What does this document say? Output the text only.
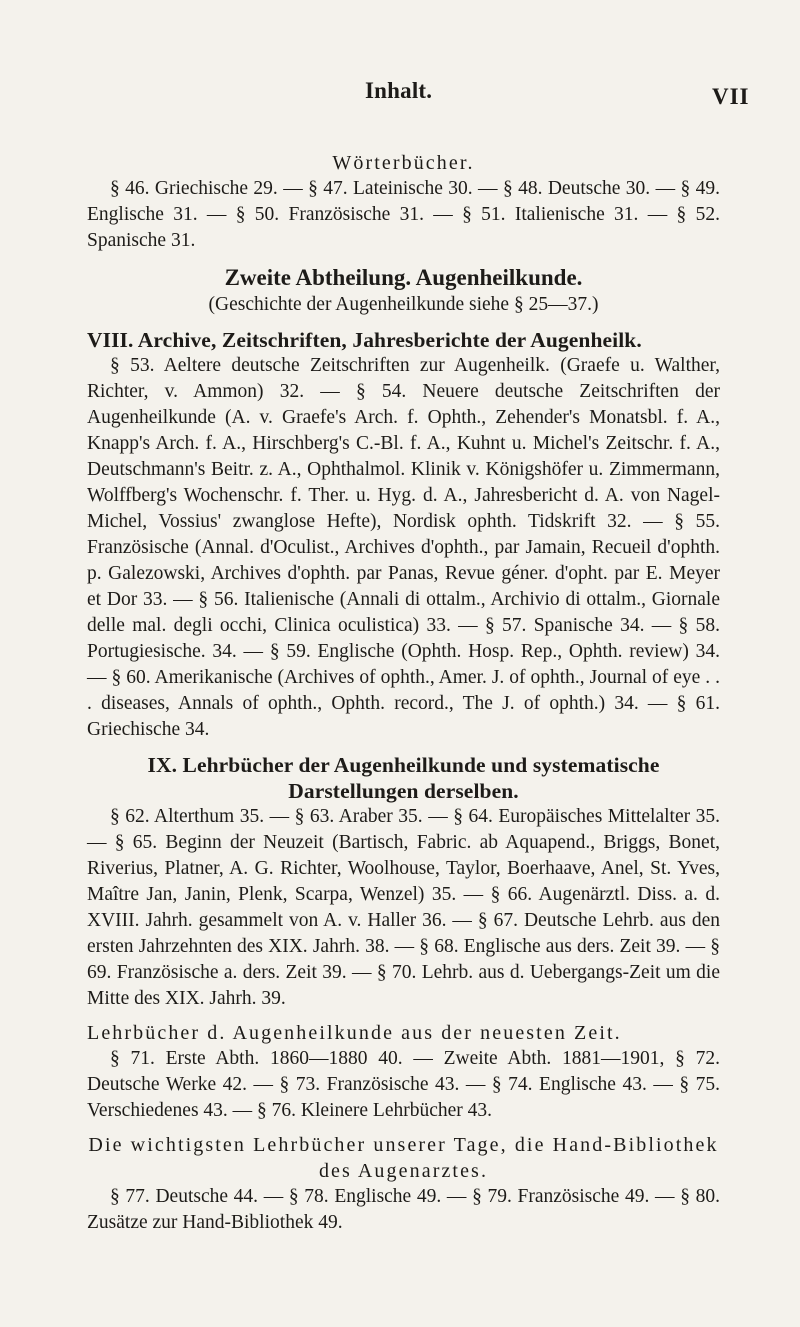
Inhalt.	VII

Wörterbücher.

§ 46. Griechische 29. — § 47. Lateinische 30. — § 48. Deutsche 30. — § 49. Englische 31. — § 50. Französische 31. — § 51. Italienische 31. — § 52. Spanische 31.

Zweite Abtheilung. Augenheilkunde.

(Geschichte der Augenheilkunde siehe § 25—37.)

VIII. Archive, Zeitschriften, Jahresberichte der Augenheilk.

§ 53. Aeltere deutsche Zeitschriften zur Augenheilk. (Graefe u. Walther, Richter, v. Ammon) 32. — § 54. Neuere deutsche Zeitschriften der Augenheilkunde (A. v. Graefe's Arch. f. Ophth., Zehender's Monatsbl. f. A., Knapp's Arch. f. A., Hirschberg's C.-Bl. f. A., Kuhnt u. Michel's Zeitschr. f. A., Deutschmann's Beitr. z. A., Ophthalmol. Klinik v. Königshöfer u. Zimmermann, Wolffberg's Wochenschr. f. Ther. u. Hyg. d. A., Jahresbericht d. A. von Nagel-Michel, Vossius' zwanglose Hefte), Nordisk ophth. Tidskrift 32. — § 55. Französische (Annal. d'Oculist., Archives d'ophth., par Jamain, Recueil d'ophth. p. Galezowski, Archives d'ophth. par Panas, Revue géner. d'opht. par E. Meyer et Dor 33. — § 56. Italienische (Annali di ottalm., Archivio di ottalm., Giornale delle mal. degli occhi, Clinica oculistica) 33. — § 57. Spanische 34. — § 58. Portugiesische. 34. — § 59. Englische (Ophth. Hosp. Rep., Ophth. review) 34. — § 60. Amerikanische (Archives of ophth., Amer. J. of ophth., Journal of eye . . . diseases, Annals of ophth., Ophth. record., The J. of ophth.) 34. — § 61. Griechische 34.

IX. Lehrbücher der Augenheilkunde und systematische Darstellungen derselben.

§ 62. Alterthum 35. — § 63. Araber 35. — § 64. Europäisches Mittelalter 35. — § 65. Beginn der Neuzeit (Bartisch, Fabric. ab Aquapend., Briggs, Bonet, Riverius, Platner, A. G. Richter, Woolhouse, Taylor, Boerhaave, Anel, St. Yves, Maître Jan, Janin, Plenk, Scarpa, Wenzel) 35. — § 66. Augenärztl. Diss. a. d. XVIII. Jahrh. gesammelt von A. v. Haller 36. — § 67. Deutsche Lehrb. aus den ersten Jahrzehnten des XIX. Jahrh. 38. — § 68. Englische aus ders. Zeit 39. — § 69. Französische a. ders. Zeit 39. — § 70. Lehrb. aus d. Uebergangs-Zeit um die Mitte des XIX. Jahrh. 39.

Lehrbücher d. Augenheilkunde aus der neuesten Zeit.

§ 71. Erste Abth. 1860—1880 40. — Zweite Abth. 1881—1901, § 72. Deutsche Werke 42. — § 73. Französische 43. — § 74. Englische 43. — § 75. Verschiedenes 43. — § 76. Kleinere Lehrbücher 43.

Die wichtigsten Lehrbücher unserer Tage, die Hand-Bibliothek des Augenarztes.

§ 77. Deutsche 44. — § 78. Englische 49. — § 79. Französische 49. — § 80. Zusätze zur Hand-Bibliothek 49.
